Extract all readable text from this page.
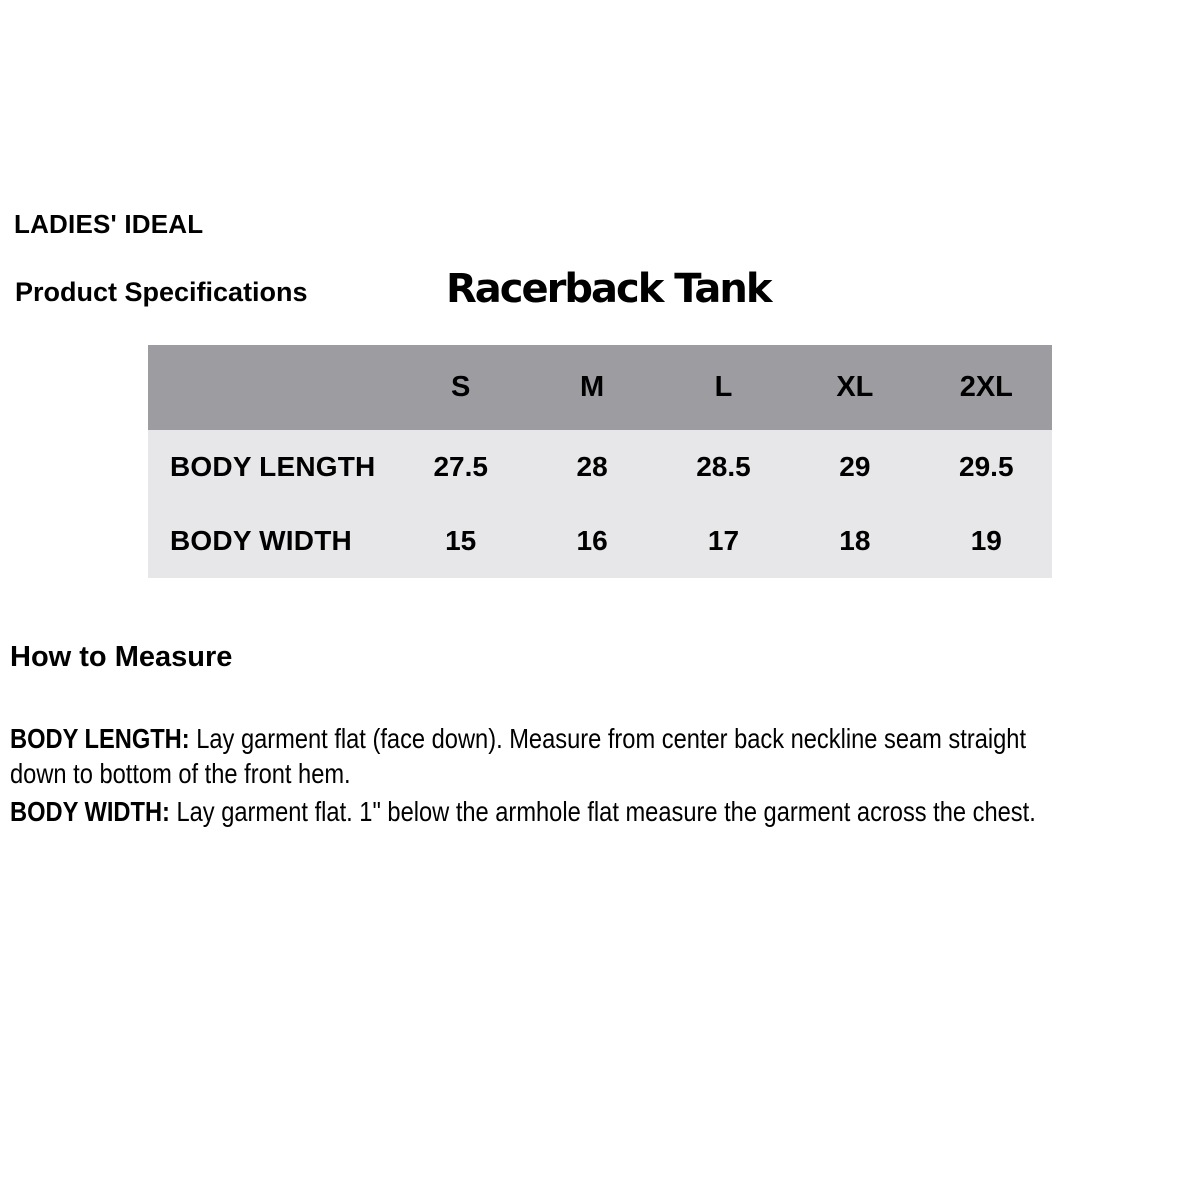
LADIES' IDEAL
Product Specifications	Racerback Tank
	S	M	L	XL	2XL
BODY LENGTH	27.5	28	28.5	29	29.5
BODY WIDTH	15	16	17	18	19
How to Measure

BODY LENGTH: Lay garment flat (face down). Measure from center back neckline seam straight
down to bottom of the front hem.

BODY WIDTH: Lay garment flat. 1" below the armhole flat measure the garment across the chest.
